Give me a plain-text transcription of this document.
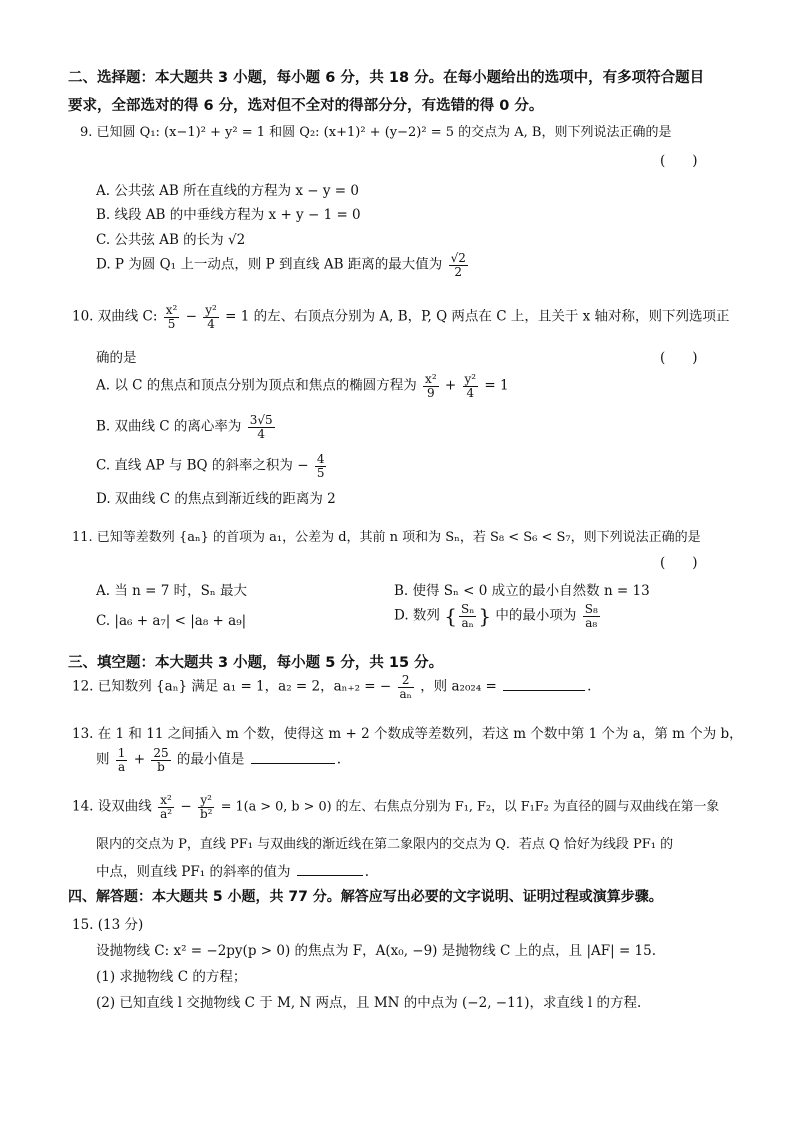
二、选择题：本大题共 3 小题，每小题 6 分，共 18 分。在每小题给出的选项中，有多项符合题目
要求，全部选对的得 6 分，选对但不全对的得部分分，有选错的得 0 分。
9. 已知圆 Q₁: (x−1)² + y² = 1 和圆 Q₂: (x+1)² + (y−2)² = 5 的交点为 A, B，则下列说法正确的是
(　　)
A. 公共弦 AB 所在直线的方程为 x − y = 0
B. 线段 AB 的中垂线方程为 x + y − 1 = 0
C. 公共弦 AB 的长为 √2
D. P 为圆 Q₁ 上一动点，则 P 到直线 AB 距离的最大值为 $\frac{√2}{2}$
10. 双曲线 C: $\frac{\text{x²}}{5} - \frac{\text{y²}}{4} = 1$ 的左、右顶点分别为 A, B，P, Q 两点在 C 上，且关于 x 轴对称，则下列选项正
确的是	(　　)
A. 以 C 的焦点和顶点分别为顶点和焦点的椭圆方程为 $\frac{\text{x²}}{9} + \frac{\text{y²}}{4} = 1$
B. 双曲线 C 的离心率为 $\frac{3√5}{4}$
C. 直线 AP 与 BQ 的斜率之积为 − $\frac{4}{5}$
D. 双曲线 C 的焦点到渐近线的距离为 2
11. 已知等差数列 {aₙ} 的首项为 a₁，公差为 d，其前 n 项和为 Sₙ，若 S₈ < S₆ < S₇，则下列说法正确的是
(　　)
A. 当 n = 7 时，Sₙ 最大	B. 使得 Sₙ < 0 成立的最小自然数 n = 13
C. |a₆ + a₇| < |a₈ + a₉|	D. 数列 { $\frac{\text{Sₙ}}{\text{aₙ}}$ } 中的最小项为 $\frac{\text{S₈}}{\text{a₈}}$
三、填空题：本大题共 3 小题，每小题 5 分，共 15 分。
12. 已知数列 {aₙ} 满足 a₁ = 1，a₂ = 2，aₙ₊₂ = − $\frac{2}{\text{aₙ}}$ ，则 a₂₀₂₄ =	.
13. 在 1 和 11 之间插入 m 个数，使得这 m + 2 个数成等差数列，若这 m 个数中第 1 个为 a，第 m 个为 b，
则 $\frac{1}{a} + \frac{25}{b}$ 的最小值是	.
14. 设双曲线 $\frac{\text{x²}}{\text{a²}} - \frac{\text{y²}}{\text{b²}} = 1(a > 0$, b > 0) 的左、右焦点分别为 F₁, F₂，以 F₁F₂ 为直径的圆与双曲线在第一象
限内的交点为 P，直线 PF₁ 与双曲线的渐近线在第二象限内的交点为 Q．若点 Q 恰好为线段 PF₁ 的
中点，则直线 PF₁ 的斜率的值为	.
四、解答题：本大题共 5 小题，共 77 分。解答应写出必要的文字说明、证明过程或演算步骤。
15. (13 分)
设抛物线 C: x² = −2py(p > 0) 的焦点为 F，A(x₀, −9) 是抛物线 C 上的点，且 |AF| = 15.
(1) 求抛物线 C 的方程；
(2) 已知直线 l 交抛物线 C 于 M, N 两点，且 MN 的中点为 (−2, −11)，求直线 l 的方程.
